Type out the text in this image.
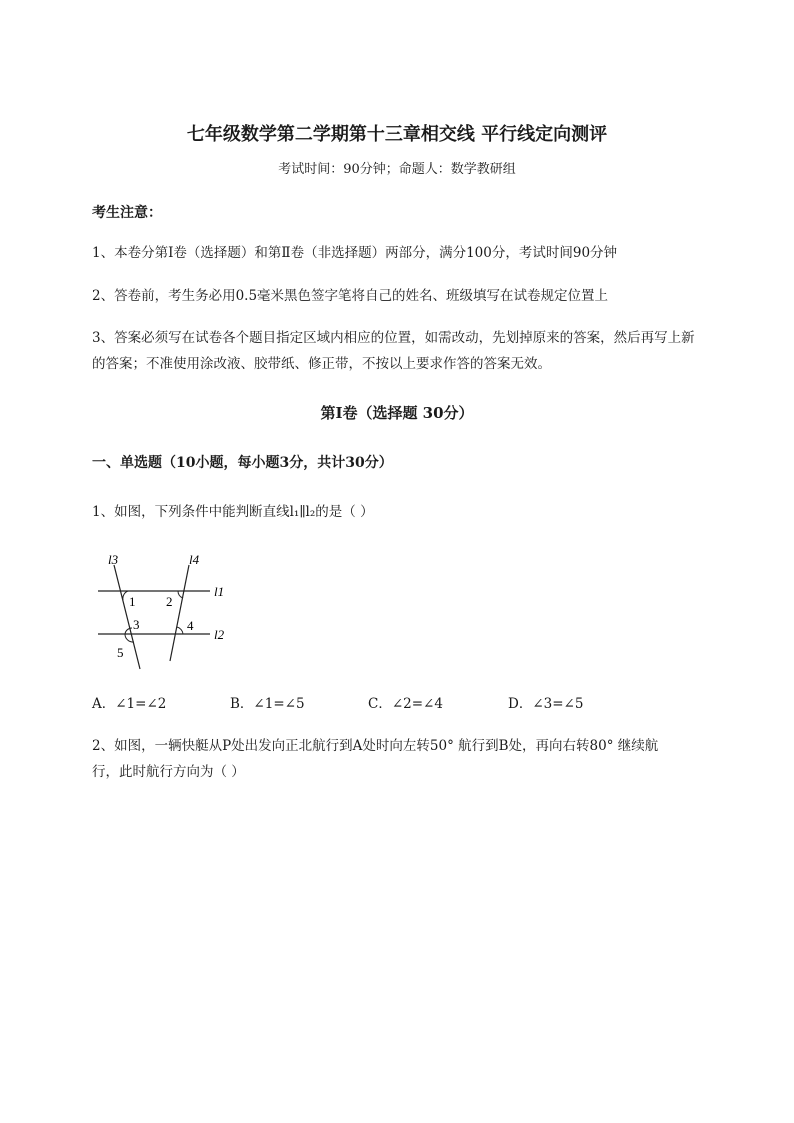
七年级数学第二学期第十三章相交线 平行线定向测评
考试时间：90分钟；命题人：数学教研组
考生注意：
1、本卷分第I卷（选择题）和第Ⅱ卷（非选择题）两部分，满分100分，考试时间90分钟
2、答卷前，考生务必用0.5毫米黑色签字笔将自己的姓名、班级填写在试卷规定位置上
3、答案必须写在试卷各个题目指定区域内相应的位置，如需改动，先划掉原来的答案，然后再写上新
的答案；不准使用涂改液、胶带纸、修正带，不按以上要求作答的答案无效。
第I卷（选择题 30分）
一、单选题（10小题，每小题3分，共计30分）
1、如图，下列条件中能判断直线l₁∥l₂的是（ ）
l3	l4
l1
l2
1 2
3	4
5
A．∠1=∠2	B．∠1=∠5	C．∠2=∠4	D．∠3=∠5
2、如图，一辆快艇从P处出发向正北航行到A处时向左转50° 航行到B处，再向右转80° 继续航
行，此时航行方向为（ ）
